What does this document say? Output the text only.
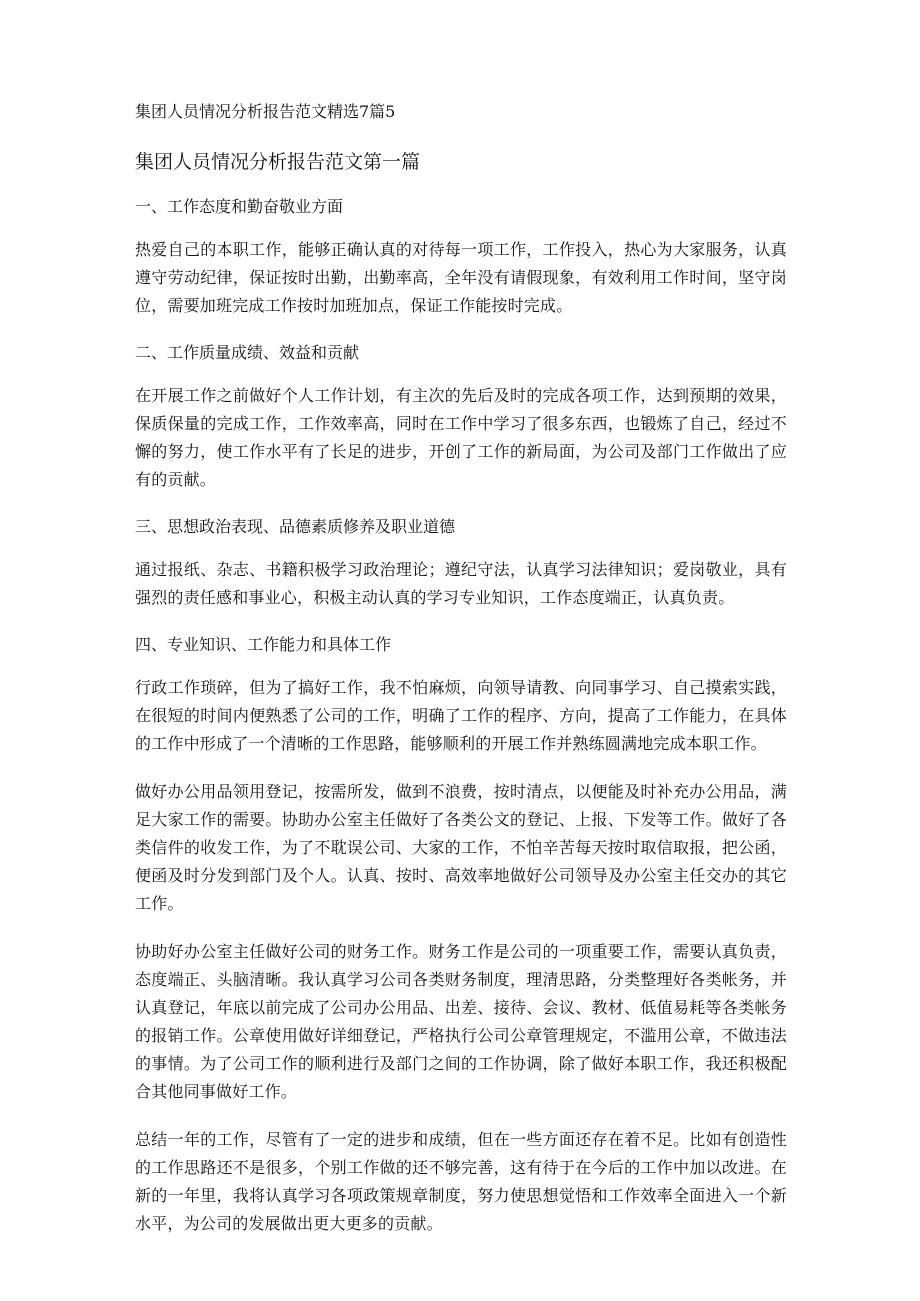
集团人员情况分析报告范文精选7篇5
集团人员情况分析报告范文第一篇
一、工作态度和勤奋敬业方面

热爱自己的本职工作，能够正确认真的对待每一项工作，工作投入，热心为大家服务，认真遵守劳动纪律，保证按时出勤，出勤率高，全年没有请假现象，有效利用工作时间，坚守岗位，需要加班完成工作按时加班加点，保证工作能按时完成。

二、工作质量成绩、效益和贡献

在开展工作之前做好个人工作计划，有主次的先后及时的完成各项工作，达到预期的效果，保质保量的完成工作，工作效率高，同时在工作中学习了很多东西，也锻炼了自己，经过不懈的努力，使工作水平有了长足的进步，开创了工作的新局面，为公司及部门工作做出了应有的贡献。

三、思想政治表现、品德素质修养及职业道德

通过报纸、杂志、书籍积极学习政治理论；遵纪守法，认真学习法律知识；爱岗敬业，具有强烈的责任感和事业心，积极主动认真的学习专业知识，工作态度端正，认真负责。

四、专业知识、工作能力和具体工作

行政工作琐碎，但为了搞好工作，我不怕麻烦，向领导请教、向同事学习、自己摸索实践，在很短的时间内便熟悉了公司的工作，明确了工作的程序、方向，提高了工作能力，在具体的工作中形成了一个清晰的工作思路，能够顺利的开展工作并熟练圆满地完成本职工作。

做好办公用品领用登记，按需所发，做到不浪费，按时清点，以便能及时补充办公用品，满足大家工作的需要。协助办公室主任做好了各类公文的登记、上报、下发等工作。做好了各类信件的收发工作，为了不耽误公司、大家的工作，不怕辛苦每天按时取信取报，把公函，便函及时分发到部门及个人。认真、按时、高效率地做好公司领导及办公室主任交办的其它工作。

协助好办公室主任做好公司的财务工作。财务工作是公司的一项重要工作，需要认真负责，态度端正、头脑清晰。我认真学习公司各类财务制度，理清思路，分类整理好各类帐务，并认真登记，年底以前完成了公司办公用品、出差、接待、会议、教材、低值易耗等各类帐务的报销工作。公章使用做好详细登记，严格执行公司公章管理规定，不滥用公章，不做违法的事情。为了公司工作的顺利进行及部门之间的工作协调，除了做好本职工作，我还积极配合其他同事做好工作。

总结一年的工作，尽管有了一定的进步和成绩，但在一些方面还存在着不足。比如有创造性的工作思路还不是很多，个别工作做的还不够完善，这有待于在今后的工作中加以改进。在新的一年里，我将认真学习各项政策规章制度，努力使思想觉悟和工作效率全面进入一个新水平，为公司的发展做出更大更多的贡献。
